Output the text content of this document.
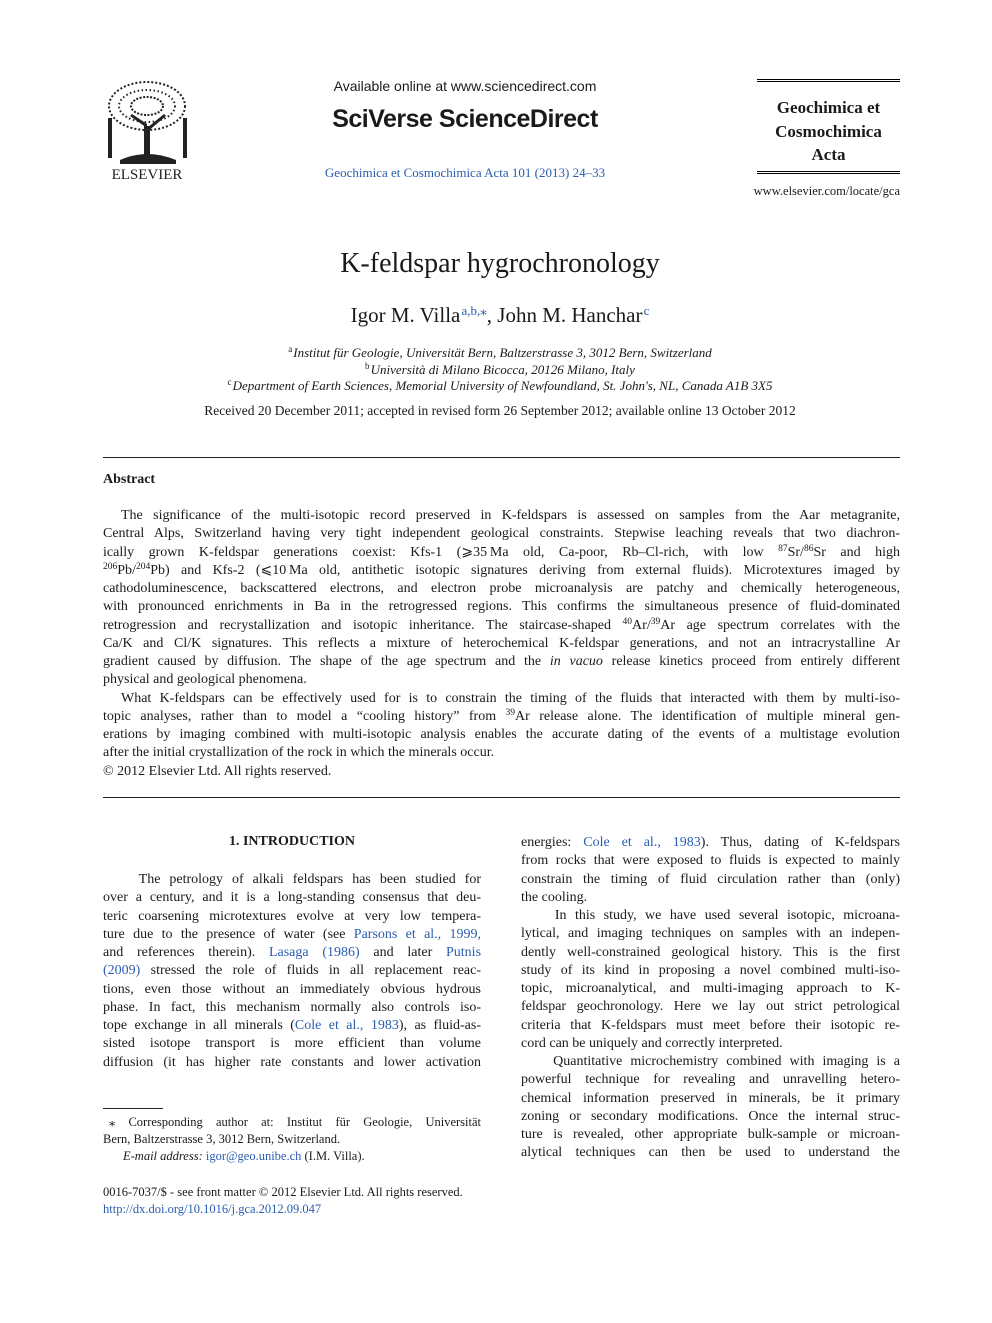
ELSEVIER
Available online at www.sciencedirect.com
SciVerse ScienceDirect
Geochimica et Cosmochimica Acta 101 (2013) 24–33
Geochimica et
Cosmochimica
Acta
www.elsevier.com/locate/gca
K-feldspar hygrochronology
Igor M. Villa $^{a,b,⁎}$, John M. Hanchar $^c$
$^a$ Institut für Geologie, Universität Bern, Baltzerstrasse 3, 3012 Bern, Switzerland
$^b$ Università di Milano Bicocca, 20126 Milano, Italy
$^c$ Department of Earth Sciences, Memorial University of Newfoundland, St. John's, NL, Canada A1B 3X5
Received 20 December 2011; accepted in revised form 26 September 2012; available online 13 October 2012
Abstract
The significance of the multi-isotopic record preserved in K-feldspars is assessed on samples from the Aar metagranite,
Central Alps, Switzerland having very tight independent geological constraints. Stepwise leaching reveals that two diachron-
ically grown K-feldspar generations coexist: Kfs-1 (⩾35 Ma old, Ca-poor, Rb–Cl-rich, with low $^{87}$Sr/$^{86}$Sr and high
$^{206}$Pb/$^{204}$Pb) and Kfs-2 (⩽10 Ma old, antithetic isotopic signatures deriving from external fluids). Microtextures imaged by
cathodoluminescence, backscattered electrons, and electron probe microanalysis are patchy and chemically heterogeneous,
with pronounced enrichments in Ba in the retrogressed regions. This confirms the simultaneous presence of fluid-dominated
retrogression and recrystallization and isotopic inheritance. The staircase-shaped $^{40}$Ar/$^{39}$Ar age spectrum correlates with the
Ca/K and Cl/K signatures. This reflects a mixture of heterochemical K-feldspar generations, and not an intracrystalline Ar
gradient caused by diffusion. The shape of the age spectrum and the in vacuo release kinetics proceed from entirely different
physical and geological phenomena.
What K-feldspars can be effectively used for is to constrain the timing of the fluids that interacted with them by multi-iso-
topic analyses, rather than to model a “cooling history” from $^{39}$Ar release alone. The identification of multiple mineral gen-
erations by imaging combined with multi-isotopic analysis enables the accurate dating of the events of a multistage evolution
after the initial crystallization of the rock in which the minerals occur.
© 2012 Elsevier Ltd. All rights reserved.
1. INTRODUCTION
The petrology of alkali feldspars has been studied for
over a century, and it is a long-standing consensus that deu-
teric coarsening microtextures evolve at very low tempera-
ture due to the presence of water (see Parsons et al., 1999,
and references therein). Lasaga (1986) and later Putnis
(2009) stressed the role of fluids in all replacement reac-
tions, even those without an immediately obvious hydrous
phase. In fact, this mechanism normally also controls iso-
tope exchange in all minerals (Cole et al., 1983), as fluid-as-
sisted isotope transport is more efficient than volume
diffusion (it has higher rate constants and lower activation
energies: Cole et al., 1983). Thus, dating of K-feldspars
from rocks that were exposed to fluids is expected to mainly
constrain the timing of fluid circulation rather than (only)
the cooling.
In this study, we have used several isotopic, microana-
lytical, and imaging techniques on samples with an indepen-
dently well-constrained geological history. This is the first
study of its kind in proposing a novel combined multi-iso-
topic, microanalytical, and multi-imaging approach to K-
feldspar geochronology. Here we lay out strict petrological
criteria that K-feldspars must meet before their isotopic re-
cord can be uniquely and correctly interpreted.
Quantitative microchemistry combined with imaging is a
powerful technique for revealing and unravelling hetero-
chemical information preserved in minerals, be it primary
zoning or secondary modifications. Once the internal struc-
ture is revealed, other appropriate bulk-sample or microan-
alytical techniques can then be used to understand the
⁎ Corresponding author at: Institut für Geologie, Universität
Bern, Baltzerstrasse 3, 3012 Bern, Switzerland.
E-mail address: igor@geo.unibe.ch (I.M. Villa).
0016-7037/$ - see front matter © 2012 Elsevier Ltd. All rights reserved.
http://dx.doi.org/10.1016/j.gca.2012.09.047
